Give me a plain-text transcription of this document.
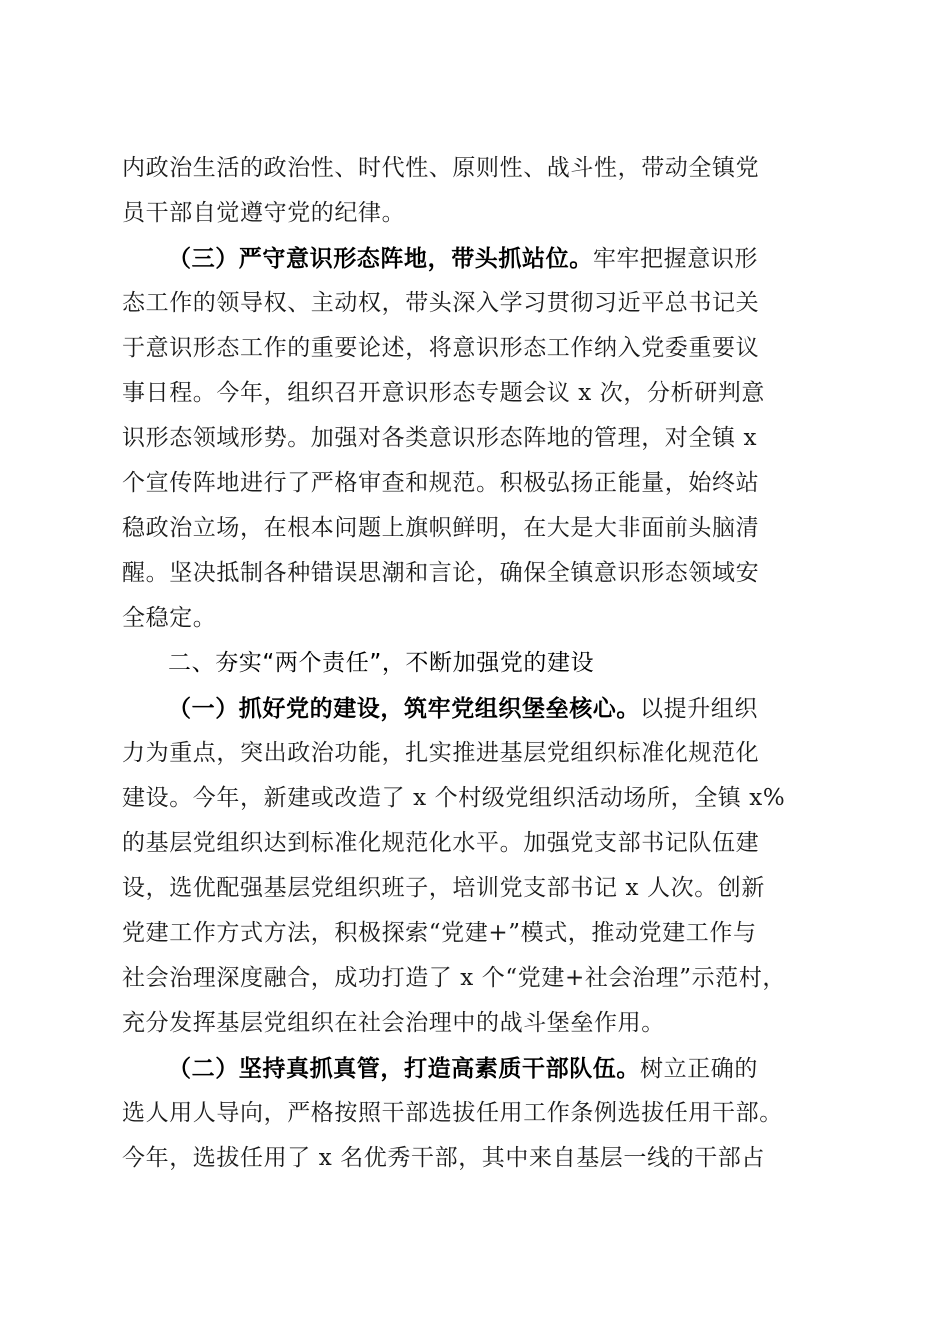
内政治生活的政治性、时代性、原则性、战斗性，带动全镇党
员干部自觉遵守党的纪律。
（三）严守意识形态阵地，带头抓站位。牢牢把握意识形
态工作的领导权、主动权，带头深入学习贯彻习近平总书记关
于意识形态工作的重要论述，将意识形态工作纳入党委重要议
事日程。今年，组织召开意识形态专题会议 x 次，分析研判意
识形态领域形势。加强对各类意识形态阵地的管理，对全镇 x
个宣传阵地进行了严格审查和规范。积极弘扬正能量，始终站
稳政治立场，在根本问题上旗帜鲜明，在大是大非面前头脑清
醒。坚决抵制各种错误思潮和言论，确保全镇意识形态领域安
全稳定。
二、夯实“两个责任”，不断加强党的建设
（一）抓好党的建设，筑牢党组织堡垒核心。以提升组织
力为重点，突出政治功能，扎实推进基层党组织标准化规范化
建设。今年，新建或改造了 x 个村级党组织活动场所，全镇 x%
的基层党组织达到标准化规范化水平。加强党支部书记队伍建
设，选优配强基层党组织班子，培训党支部书记 x 人次。创新
党建工作方式方法，积极探索“党建+”模式，推动党建工作与
社会治理深度融合，成功打造了 x 个“党建+社会治理”示范村，
充分发挥基层党组织在社会治理中的战斗堡垒作用。
（二）坚持真抓真管，打造高素质干部队伍。树立正确的
选人用人导向，严格按照干部选拔任用工作条例选拔任用干部。
今年，选拔任用了 x 名优秀干部，其中来自基层一线的干部占
